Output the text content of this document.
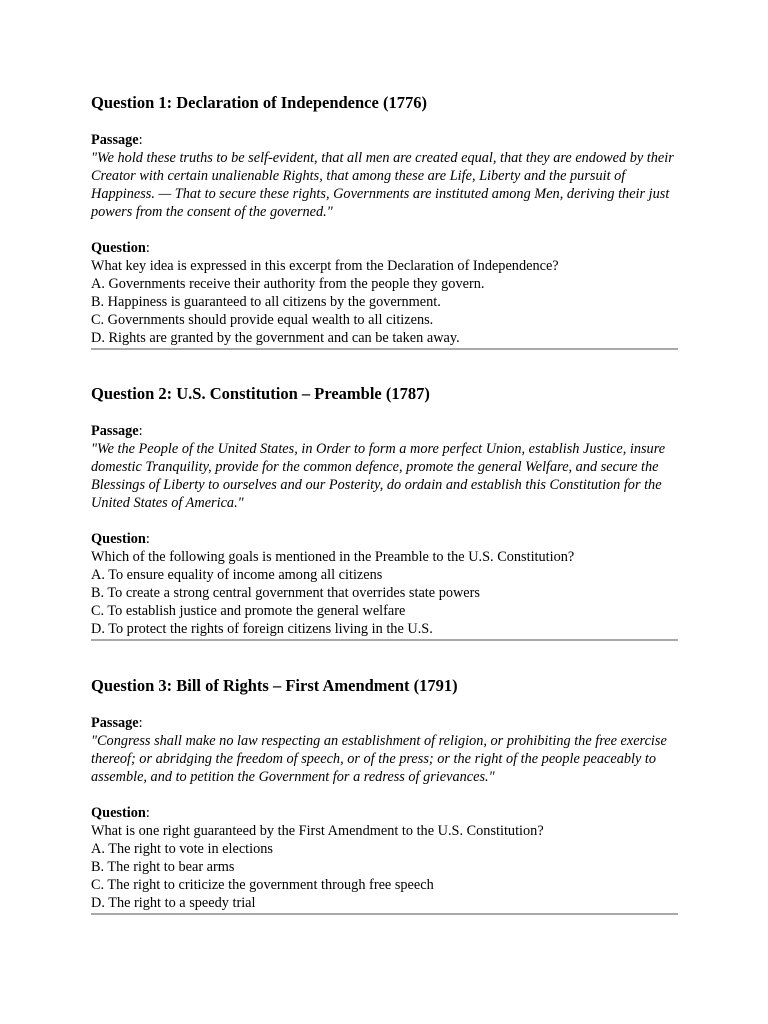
Question 1: Declaration of Independence (1776)
Passage:
"We hold these truths to be self-evident, that all men are created equal, that they are endowed by their Creator with certain unalienable Rights, that among these are Life, Liberty and the pursuit of Happiness. — That to secure these rights, Governments are instituted among Men, deriving their just powers from the consent of the governed."
Question:
What key idea is expressed in this excerpt from the Declaration of Independence?
A. Governments receive their authority from the people they govern.
B. Happiness is guaranteed to all citizens by the government.
C. Governments should provide equal wealth to all citizens.
D. Rights are granted by the government and can be taken away.
Question 2: U.S. Constitution – Preamble (1787)
Passage:
"We the People of the United States, in Order to form a more perfect Union, establish Justice, insure domestic Tranquility, provide for the common defence, promote the general Welfare, and secure the Blessings of Liberty to ourselves and our Posterity, do ordain and establish this Constitution for the United States of America."
Question:
Which of the following goals is mentioned in the Preamble to the U.S. Constitution?
A. To ensure equality of income among all citizens
B. To create a strong central government that overrides state powers
C. To establish justice and promote the general welfare
D. To protect the rights of foreign citizens living in the U.S.
Question 3: Bill of Rights – First Amendment (1791)
Passage:
"Congress shall make no law respecting an establishment of religion, or prohibiting the free exercise thereof; or abridging the freedom of speech, or of the press; or the right of the people peaceably to assemble, and to petition the Government for a redress of grievances."
Question:
What is one right guaranteed by the First Amendment to the U.S. Constitution?
A. The right to vote in elections
B. The right to bear arms
C. The right to criticize the government through free speech
D. The right to a speedy trial
